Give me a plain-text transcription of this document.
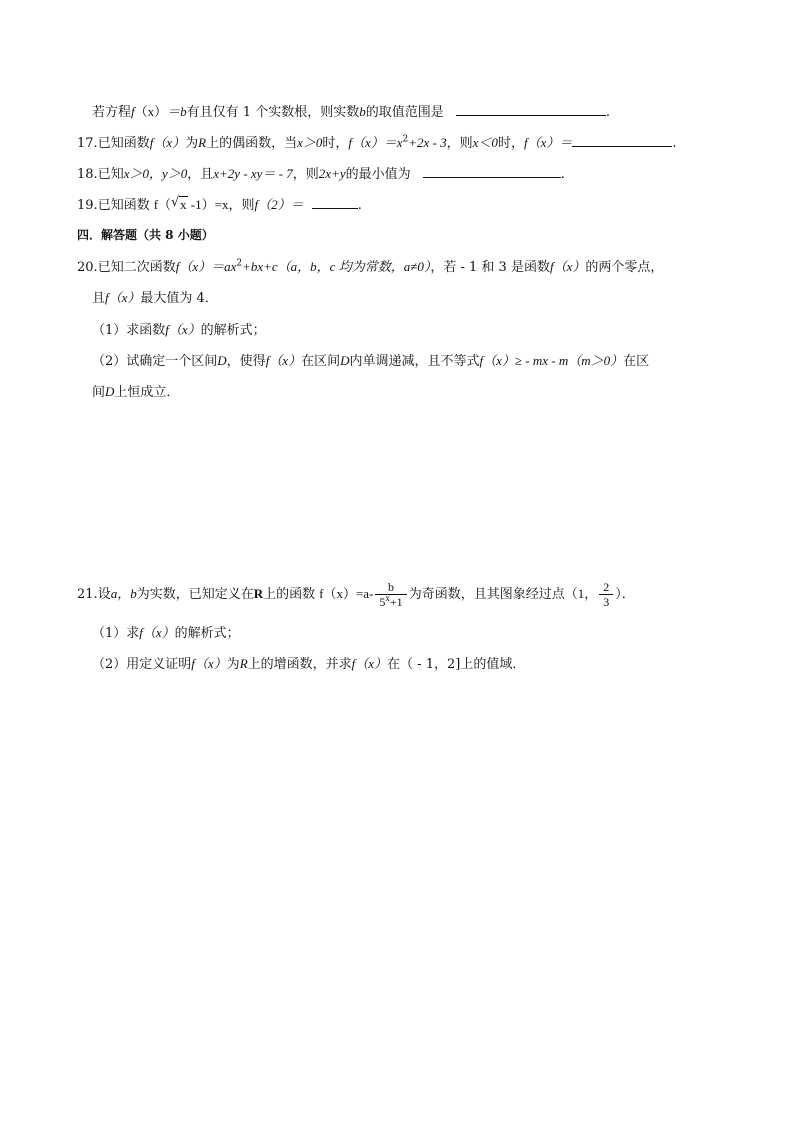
若方程f（x）＝b有且仅有 1 个实数根，则实数b的取值范围是	.
17.已知函数f（x）为R上的偶函数，当x＞0时，$f(x)=x^2+2x - 3$，则x＜0时，f（x）＝	.
18.已知x＞0，y＞0，且x+2y - xy＝ - 7，则2x+y的最小值为	.
19.已知函数 f（ √ x -1）=x，则f（2）＝	.
四．解答题（共 8 小题）
20.已知二次函数$f(x)=ax^2+bx+c(a$，b，c 均为常数，a≠0），若 - 1 和 3 是函数f（x）的两个零点，
且f（x）最大值为 4．
（1）求函数f（x）的解析式；
（2）试确定一个区间D，使得f（x）在区间D内单调递减，且不等式f（x）≥ - mx - m（m＞0）在区
间D上恒成立．
21.设a，b为实数，已知定义在R上的函数 $f(x)=a- \frac{b}{5^x+1}$ 为奇函数，且其图象经过点（1， $\frac{2}{3}$ ）．
（1）求f（x）的解析式；
（2）用定义证明f（x）为R上的增函数，并求f（x）在（ - 1，2]上的值域．
